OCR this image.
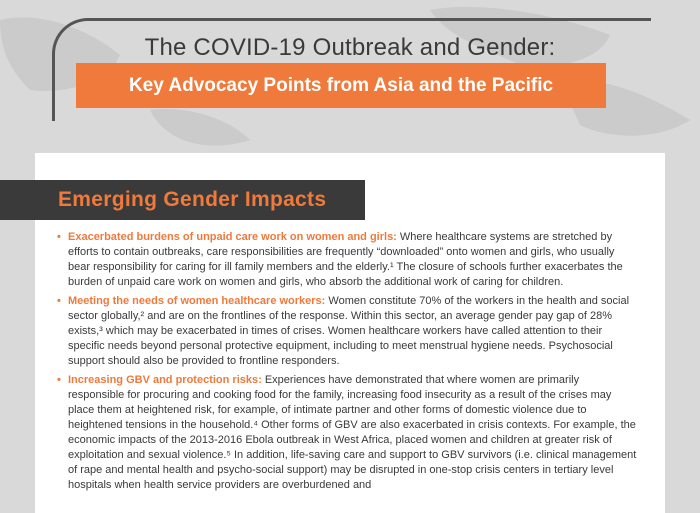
The COVID-19 Outbreak and Gender:
Key Advocacy Points from Asia and the Pacific
Emerging Gender Impacts
• Exacerbated burdens of unpaid care work on women and girls: Where healthcare systems are stretched by efforts to contain outbreaks, care responsibilities are frequently “downloaded” onto women and girls, who usually bear responsibility for caring for ill family members and the elderly.¹ The closure of schools further exacerbates the burden of unpaid care work on women and girls, who absorb the additional work of caring for children.
• Meeting the needs of women healthcare workers: Women constitute 70% of the workers in the health and social sector globally,² and are on the frontlines of the response. Within this sector, an average gender pay gap of 28% exists,³ which may be exacerbated in times of crises. Women healthcare workers have called attention to their specific needs beyond personal protective equipment, including to meet menstrual hygiene needs. Psychosocial support should also be provided to frontline responders.
• Increasing GBV and protection risks: Experiences have demonstrated that where women are primarily responsible for procuring and cooking food for the family, increasing food insecurity as a result of the crises may place them at heightened risk, for example, of intimate partner and other forms of domestic violence due to heightened tensions in the household.⁴ Other forms of GBV are also exacerbated in crisis contexts. For example, the economic impacts of the 2013-2016 Ebola outbreak in West Africa, placed women and children at greater risk of exploitation and sexual violence.⁵ In addition, life-saving care and support to GBV survivors (i.e. clinical management of rape and mental health and psycho-social support) may be disrupted in one-stop crisis centers in tertiary level hospitals when health service providers are overburdened and
